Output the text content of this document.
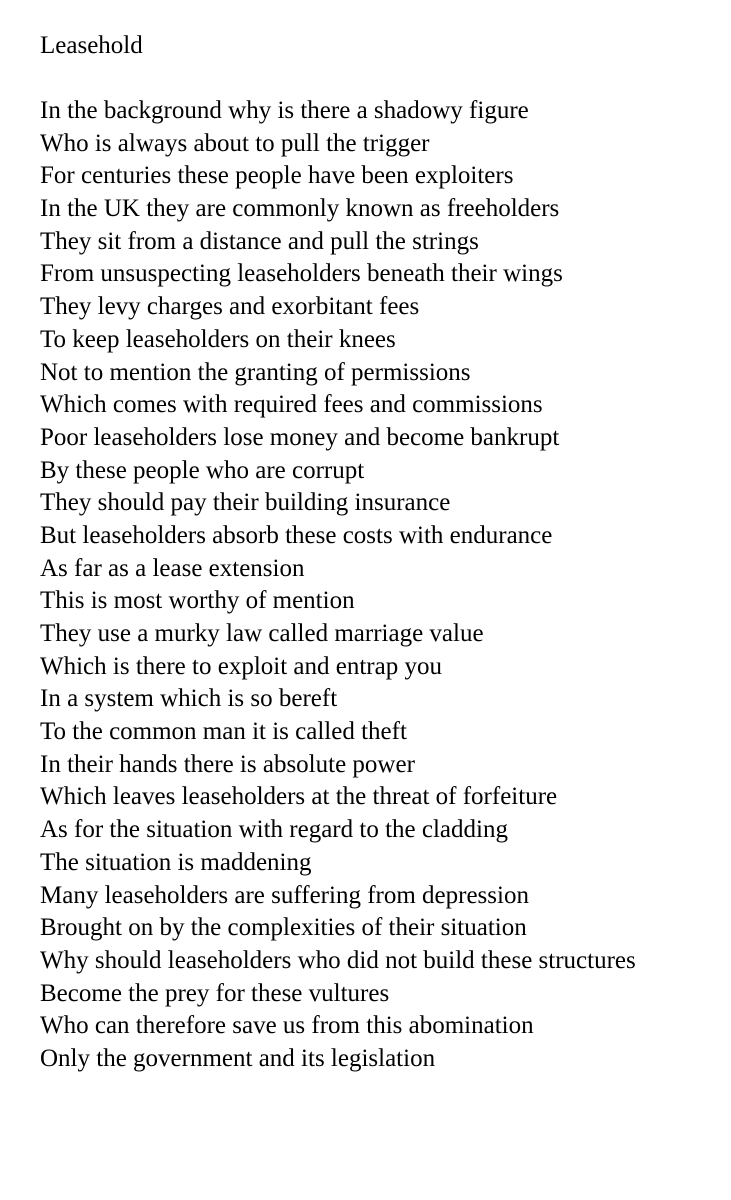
Leasehold
In the background why is there a shadowy figure
Who is always about to pull the trigger
For centuries these people have been exploiters
In the UK they are commonly known as freeholders
They sit from a distance and pull the strings
From unsuspecting leaseholders beneath their wings
They levy charges and exorbitant fees
To keep leaseholders on their knees
Not to mention the granting of permissions
Which comes with required fees and commissions
Poor leaseholders lose money and become bankrupt
By these people who are corrupt
They should pay their building insurance
But leaseholders absorb these costs with endurance
As far as a lease extension
This is most worthy of mention
They use a murky law called marriage value
Which is there to exploit and entrap you
In a system which is so bereft
To the common man it is called theft
In their hands there is absolute power
Which leaves leaseholders at the threat of forfeiture
As for the situation with regard to the cladding
The situation is maddening
Many leaseholders are suffering from depression
Brought on by the complexities of their situation
Why should leaseholders who did not build these structures
Become the prey for these vultures
Who can therefore save us from this abomination
Only the government and its legislation
